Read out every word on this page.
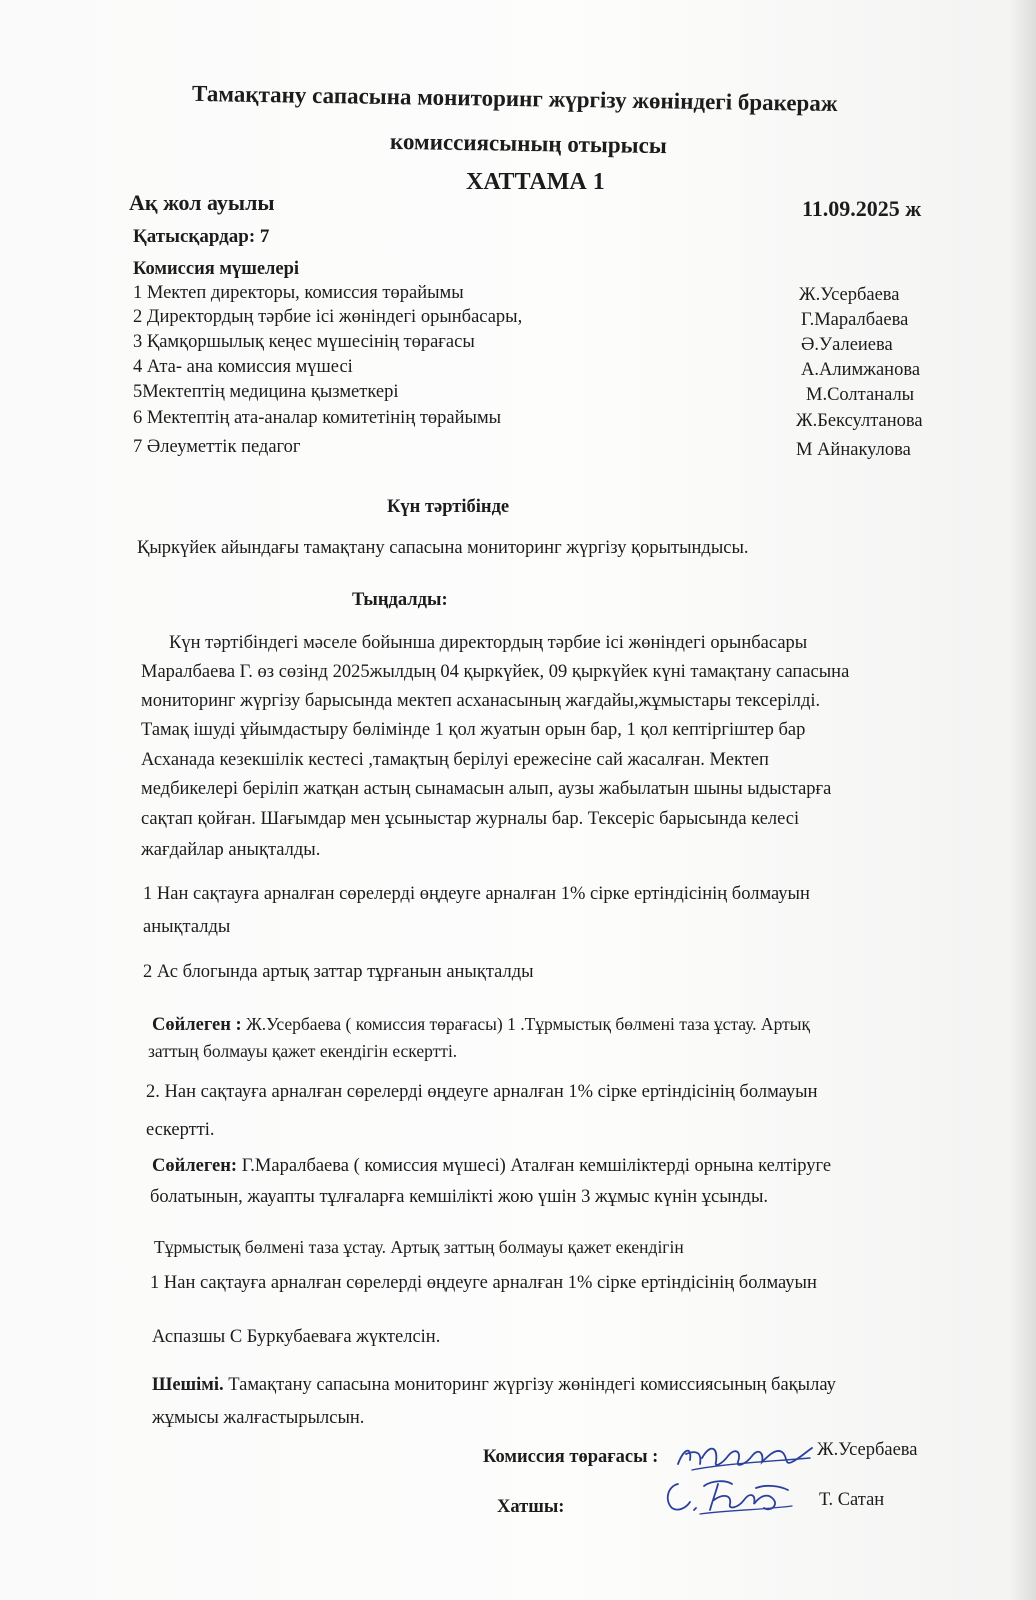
Тамақтану сапасына мониторинг жүргізу жөніндегі бракераж
комиссиясының отырысы
ХАТТАМА 1
Ақ жол ауылы	11.09.2025 ж
Қатысқардар: 7
Комиссия мүшелері
1 Мектеп директоры, комиссия төрайымы	Ж.Усербаева
2 Директордың тәрбие ісі жөніндегі орынбасары,	Г.Маралбаева
3 Қамқоршылық кеңес мүшесінің төрағасы	Ә.Уалеиева
4 Ата- ана комиссия мүшесі	А.Алимжанова
5Мектептің медицина қызметкері	М.Солтаналы
6 Мектептің ата-аналар комитетінің төрайымы	Ж.Бексултанова
7 Әлеуметтік педагог	М Айнакулова
Күн тәртібінде
Қыркүйек айындағы тамақтану сапасына мониторинг жүргізу қорытындысы.
Тыңдалды:
Күн тәртібіндегі мәселе бойынша директордың тәрбие ісі жөніндегі орынбасары
Маралбаева Г. өз сөзінд 2025жылдың 04 қыркүйек, 09 қыркүйек күні тамақтану сапасына
мониторинг жүргізу барысында мектеп асханасының жағдайы,жұмыстары тексерілді.
Тамақ ішуді ұйымдастыру бөлімінде 1 қол жуатын орын бар, 1 қол кептіргіштер бар
Асханада кезекшілік кестесі ,тамақтың берілуі ережесіне сай жасалған. Мектеп
медбикелері беріліп жатқан астың сынамасын алып, аузы жабылатын шыны ыдыстарға
сақтап қойған. Шағымдар мен ұсыныстар журналы бар. Тексеріс барысында келесі
жағдайлар анықталды.
1 Нан сақтауға арналған сөрелерді өңдеуге арналған 1% сірке ертіндісінің болмауын
анықталды
2 Ас блогында артық заттар тұрғанын анықталды
Сөйлеген : Ж.Усербаева ( комиссия төрағасы) 1 .Тұрмыстық бөлмені таза ұстау. Артық
заттың болмауы қажет екендігін ескертті.
2. Нан сақтауға арналған сөрелерді өңдеуге арналған 1% сірке ертіндісінің болмауын
ескертті.
Сөйлеген: Г.Маралбаева ( комиссия мүшесі) Аталған кемшіліктерді орнына келтіруге
болатынын, жауапты тұлғаларға кемшілікті жою үшін 3 жұмыс күнін ұсынды.
Тұрмыстық бөлмені таза ұстау. Артық заттың болмауы қажет екендігін
1 Нан сақтауға арналған сөрелерді өңдеуге арналған 1% сірке ертіндісінің болмауын
Аспазшы С Буркубаеваға жүктелсін.
Шешімі. Тамақтану сапасына мониторинг жүргізу жөніндегі комиссиясының бақылау
жұмысы жалғастырылсын.
Комиссия төрағасы :	Ж.Усербаева
Хатшы:	Т. Сатан
